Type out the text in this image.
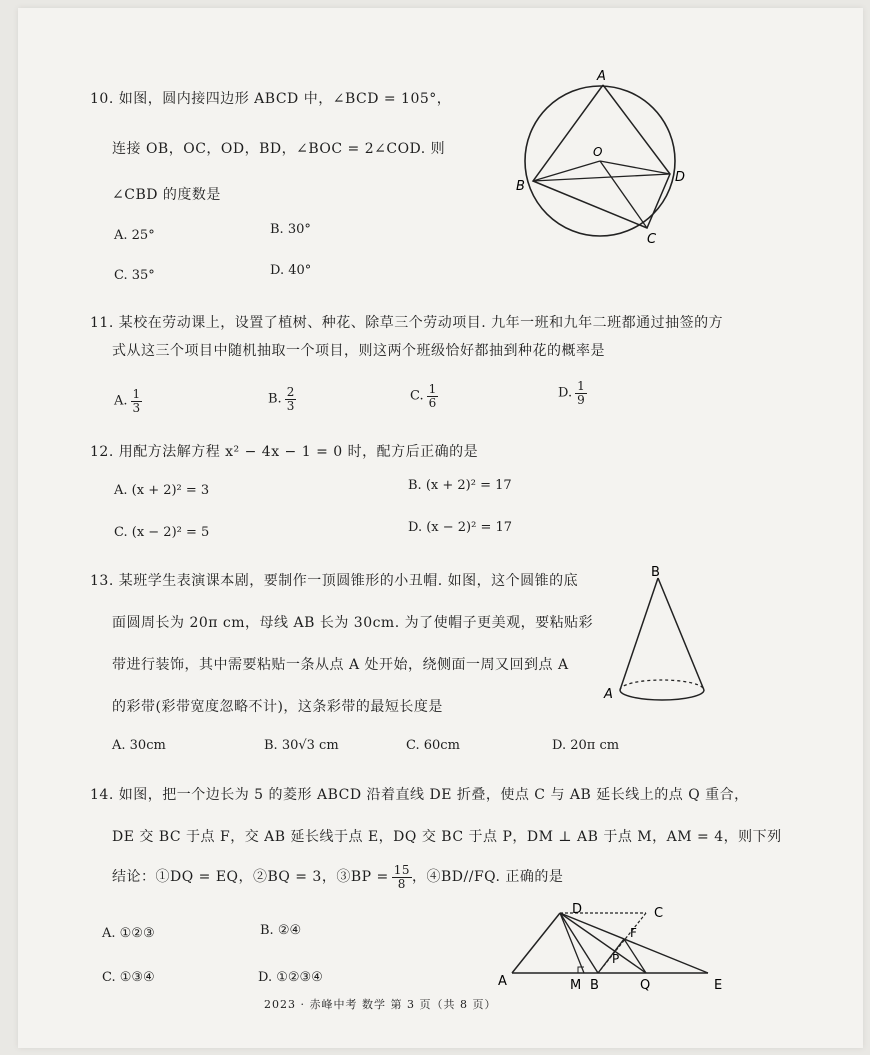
10. 如图，圆内接四边形 ABCD 中，∠BCD = 105°，
连接 OB，OC，OD，BD，∠BOC = 2∠COD. 则
∠CBD 的度数是
A. 25°	B. 30°
C. 35°	D. 40°
A
B
C
D
O
11. 某校在劳动课上，设置了植树、种花、除草三个劳动项目. 九年一班和九年二班都通过抽签的方
式从这三个项目中随机抽取一个项目，则这两个班级恰好都抽到种花的概率是
A. $\frac{1}{3}$	B. $\frac{2}{3}$	C. $\frac{1}{6}$	D. $\frac{1}{9}$
12. 用配方法解方程 x² − 4x − 1 = 0 时，配方后正确的是
A. (x + 2)² = 3	B. (x + 2)² = 17
C. (x − 2)² = 5	D. (x − 2)² = 17
13. 某班学生表演课本剧，要制作一顶圆锥形的小丑帽. 如图，这个圆锥的底
面圆周长为 20π cm，母线 AB 长为 30cm. 为了使帽子更美观，要粘贴彩
带进行装饰，其中需要粘贴一条从点 A 处开始，绕侧面一周又回到点 A
的彩带(彩带宽度忽略不计)，这条彩带的最短长度是
A. 30cm	B. 30√3 cm	C. 60cm	D. 20π cm
B
A
14. 如图，把一个边长为 5 的菱形 ABCD 沿着直线 DE 折叠，使点 C 与 AB 延长线上的点 Q 重合，
DE 交 BC 于点 F，交 AB 延长线于点 E，DQ 交 BC 于点 P，DM ⊥ AB 于点 M，AM = 4，则下列
结论：①DQ = EQ，②BQ = 3，③BP = $\frac{15}{8}$ ，④BD//FQ. 正确的是
A. ①②③	B. ②④
C. ①③④	D. ①②③④	A	M B	Q	E
D	C
F
P
2023 · 赤峰中考 数学 第 3 页（共 8 页）
